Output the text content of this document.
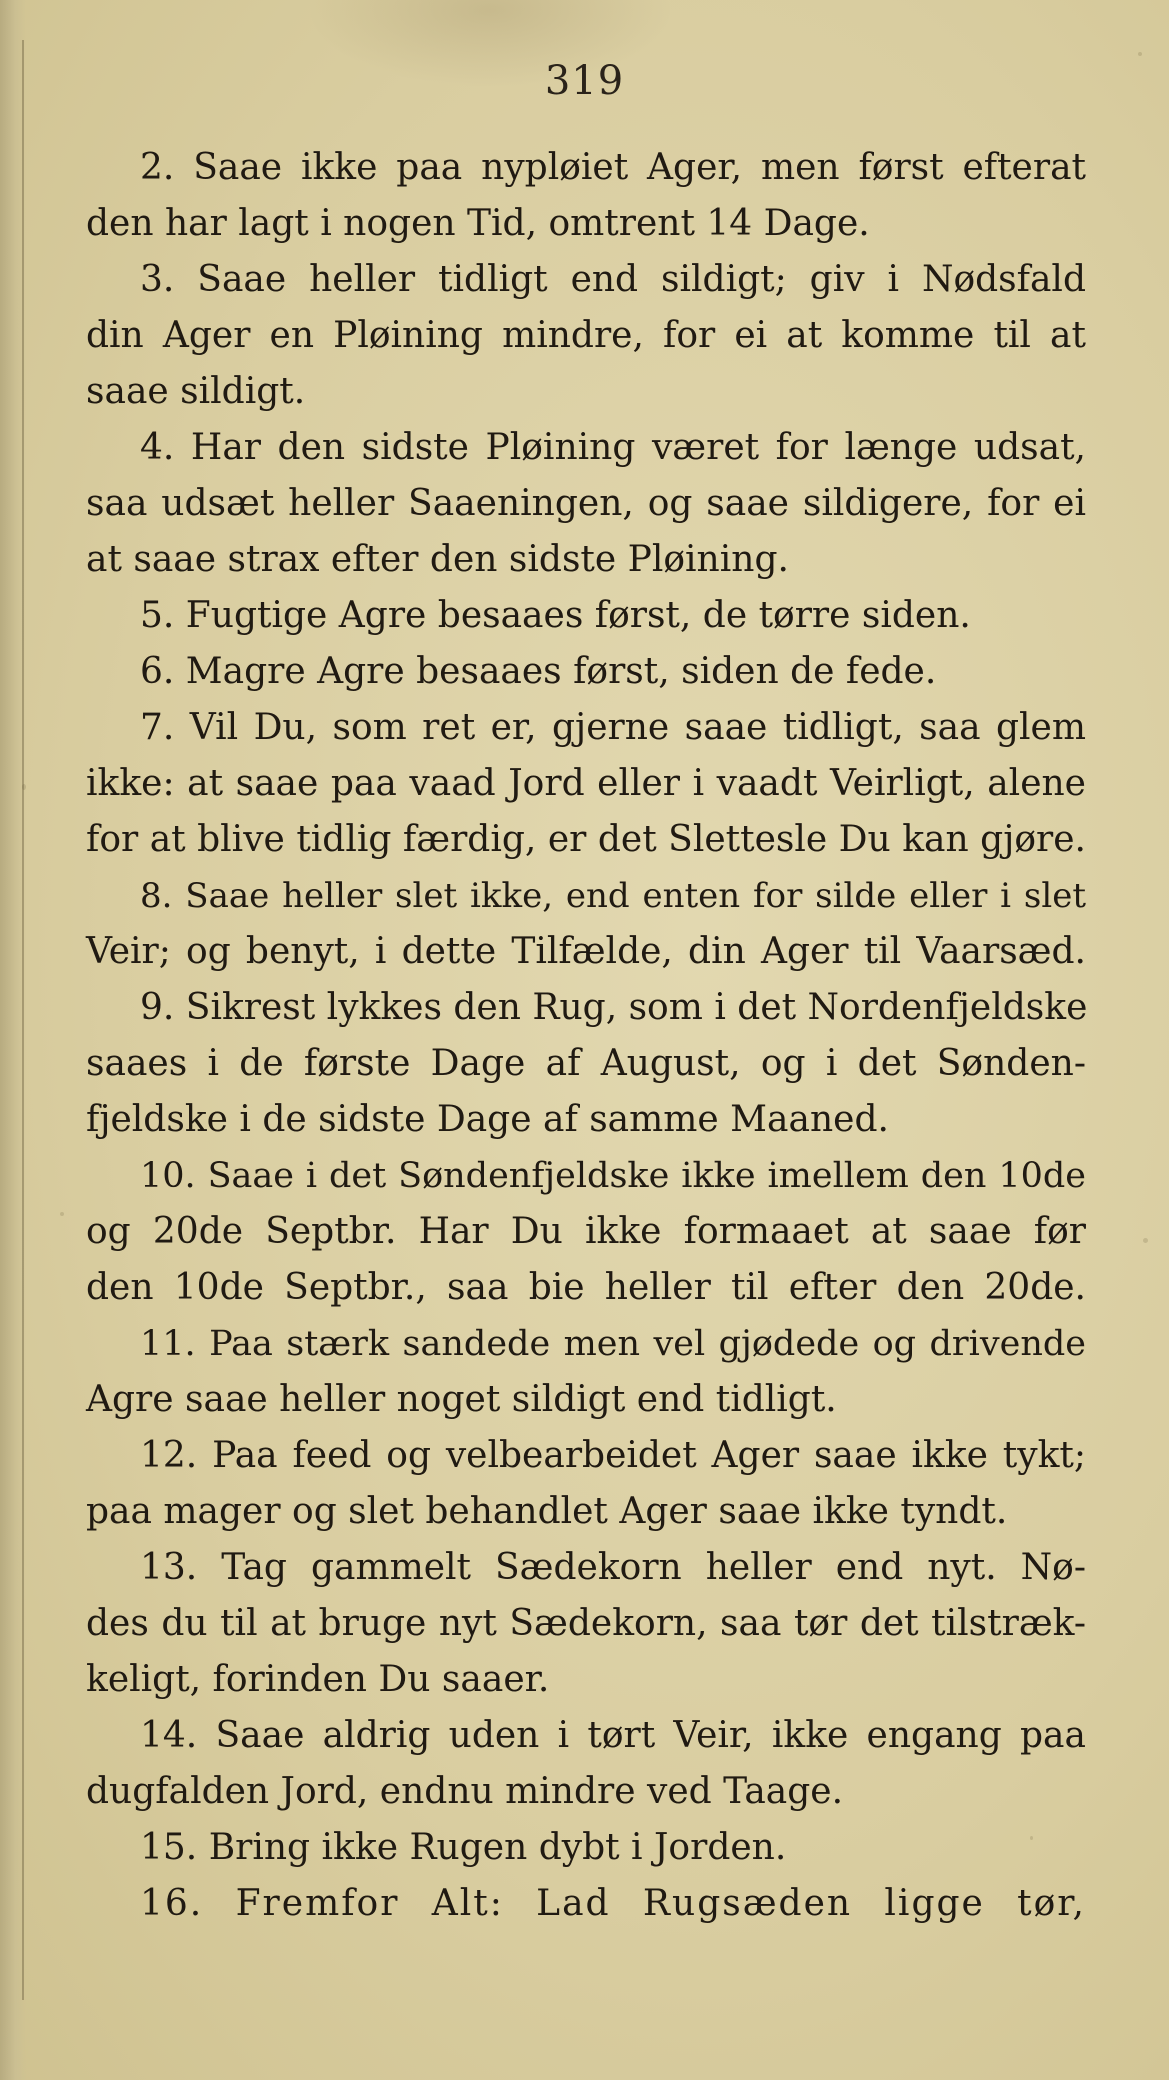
319
2. Saae ikke paa nypløiet Ager, men først efterat
den har lagt i nogen Tid, omtrent 14 Dage.
3. Saae heller tidligt end sildigt; giv i Nødsfald
din Ager en Pløining mindre, for ei at komme til at
saae sildigt.
4. Har den sidste Pløining været for længe udsat,
saa udsæt heller Saaeningen, og saae sildigere, for ei
at saae strax efter den sidste Pløining.
5. Fugtige Agre besaaes først, de tørre siden.
6. Magre Agre besaaes først, siden de fede.
7. Vil Du, som ret er, gjerne saae tidligt, saa glem
ikke: at saae paa vaad Jord eller i vaadt Veirligt, alene
for at blive tidlig færdig, er det Slettesle Du kan gjøre.
8. Saae heller slet ikke, end enten for silde eller i slet
Veir; og benyt, i dette Tilfælde, din Ager til Vaarsæd.
9. Sikrest lykkes den Rug, som i det Nordenfjeldske
saaes i de første Dage af August, og i det Sønden-
fjeldske i de sidste Dage af samme Maaned.
10. Saae i det Søndenfjeldske ikke imellem den 10de
og 20de Septbr. Har Du ikke formaaet at saae før
den 10de Septbr., saa bie heller til efter den 20de.
11. Paa stærk sandede men vel gjødede og drivende
Agre saae heller noget sildigt end tidligt.
12. Paa feed og velbearbeidet Ager saae ikke tykt;
paa mager og slet behandlet Ager saae ikke tyndt.
13. Tag gammelt Sædekorn heller end nyt. Nø-
des du til at bruge nyt Sædekorn, saa tør det tilstræk-
keligt, forinden Du saaer.
14. Saae aldrig uden i tørt Veir, ikke engang paa
dugfalden Jord, endnu mindre ved Taage.
15. Bring ikke Rugen dybt i Jorden.
16. Fremfor Alt: Lad Rugsæden ligge tør,
